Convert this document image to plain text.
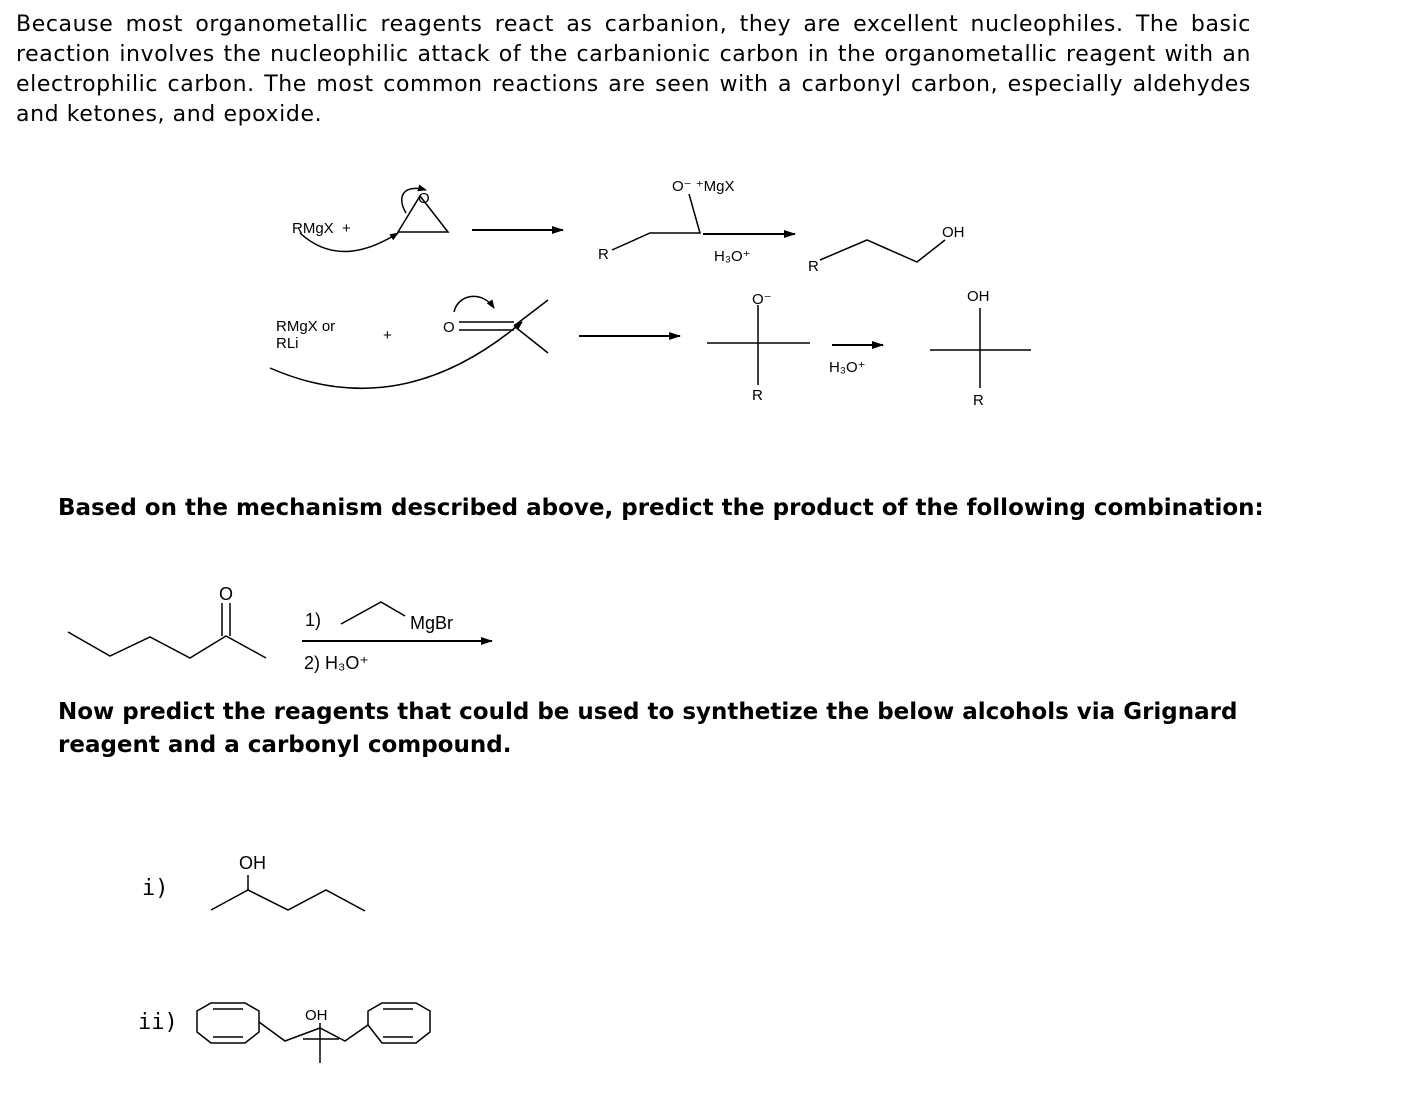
Because most organometallic reagents react as carbanion, they are excellent nucleophiles. The basic reaction involves the nucleophilic attack of the carbanionic carbon in the organometallic reagent with an electrophilic carbon. The most common reactions are seen with a carbonyl carbon, especially aldehydes and ketones, and epoxide.

RMgX  +
O
O⁻ ⁺MgX
R	H₃O⁺
R
OH
RMgX or
RLi	+	O
O⁻
R
H₃O⁺
OH
R
O
1)	MgBr
2) H₃O⁺
i)
OH
ii)	OH

Based on the mechanism described above, predict the product of the following combination:

Now predict the reagents that could be used to synthetize the below alcohols via Grignard reagent and a carbonyl compound.
